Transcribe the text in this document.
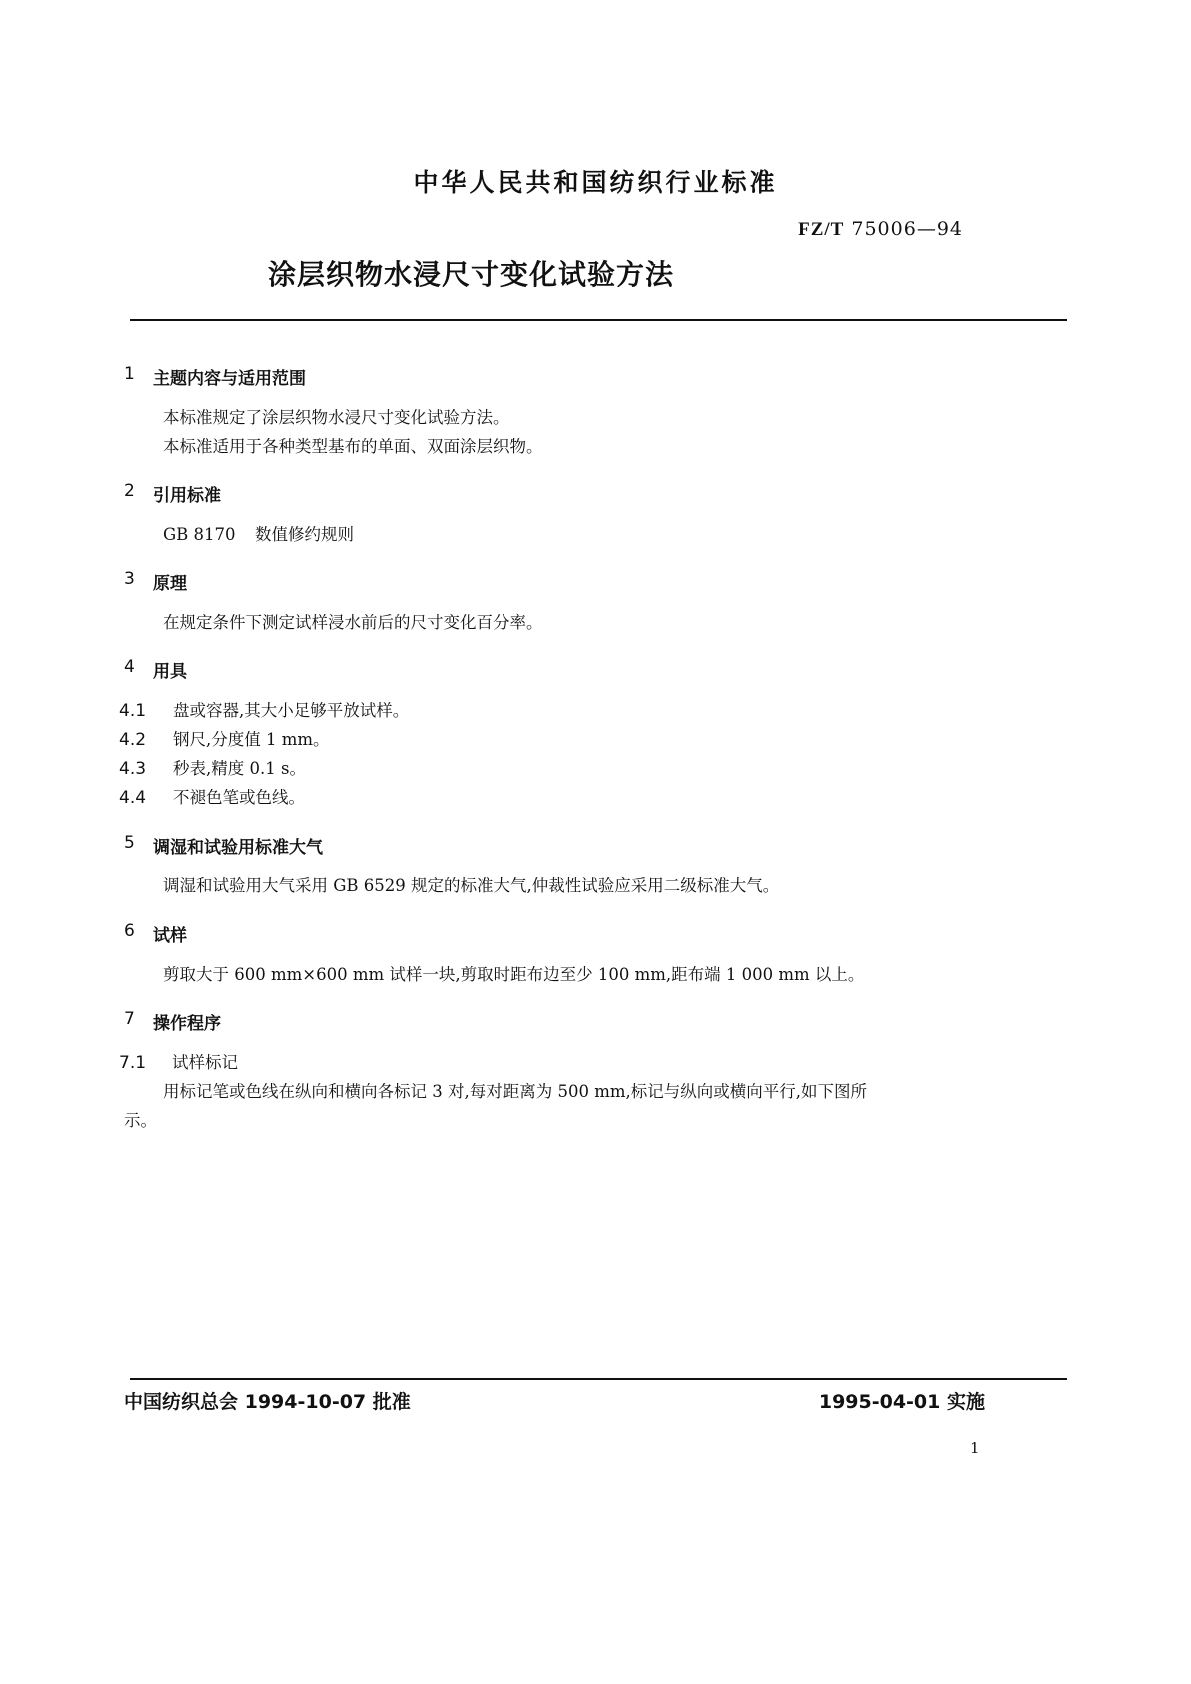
中华人民共和国纺织行业标准
FZ/T 75006—94
涂层织物水浸尺寸变化试验方法
1 主题内容与适用范围
本标准规定了涂层织物水浸尺寸变化试验方法。
本标准适用于各种类型基布的单面、双面涂层织物。
2 引用标准
GB 8170 数值修约规则
3 原理
在规定条件下测定试样浸水前后的尺寸变化百分率。
4 用具
4.1 盘或容器,其大小足够平放试样。
4.2 钢尺,分度值 1 mm。
4.3 秒表,精度 0.1 s。
4.4 不褪色笔或色线。
5 调湿和试验用标准大气
调湿和试验用大气采用 GB 6529 规定的标准大气,仲裁性试验应采用二级标准大气。
6 试样
剪取大于 600 mm×600 mm 试样一块,剪取时距布边至少 100 mm,距布端 1 000 mm 以上。
7 操作程序
7.1 试样标记
用标记笔或色线在纵向和横向各标记 3 对,每对距离为 500 mm,标记与纵向或横向平行,如下图所
示。
中国纺织总会 1994-10-07 批准	1995-04-01 实施
1
